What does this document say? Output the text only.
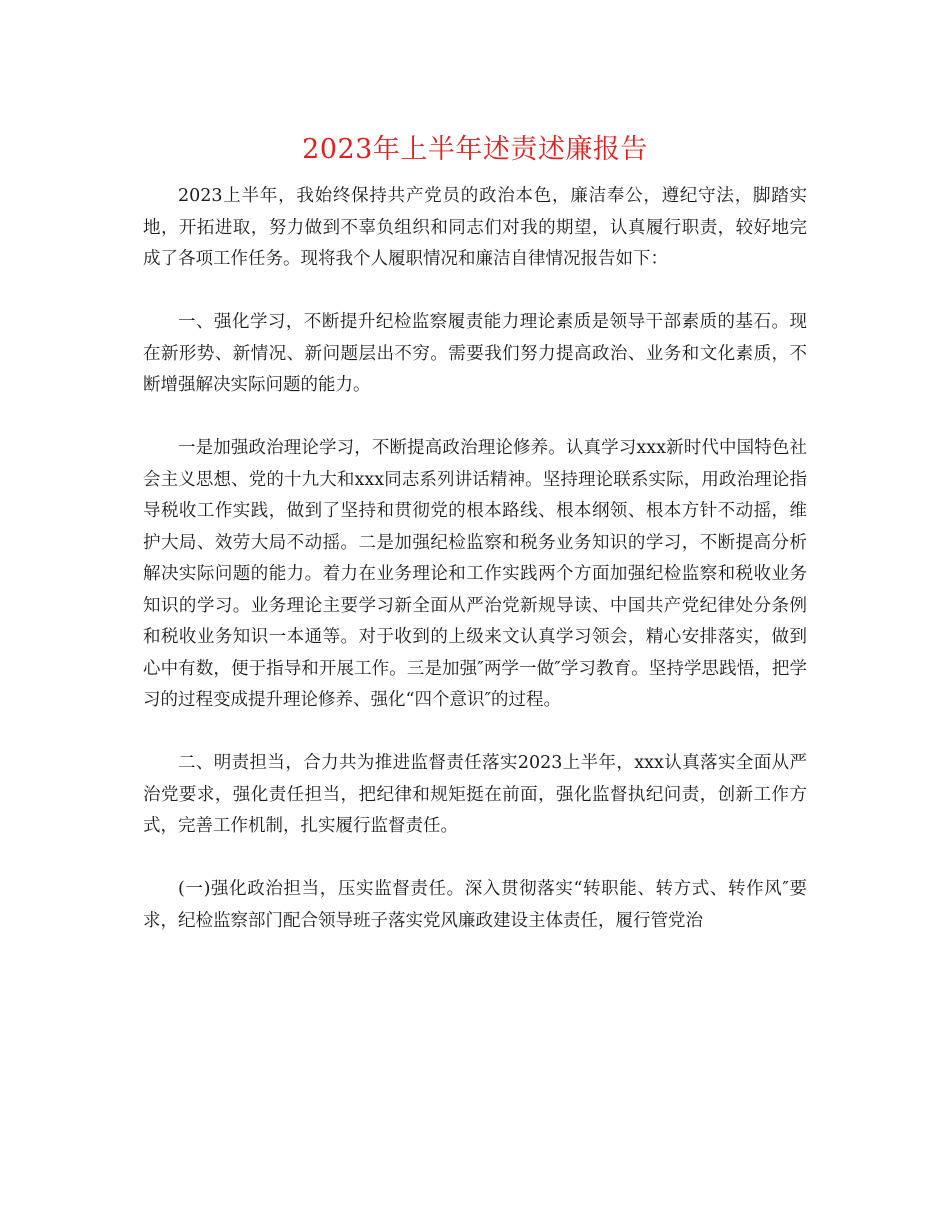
2023年上半年述责述廉报告

2023上半年，我始终保持共产党员的政治本色，廉洁奉公，遵纪守法，脚踏实地，开拓进取，努力做到不辜负组织和同志们对我的期望，认真履行职责，较好地完成了各项工作任务。现将我个人履职情况和廉洁自律情况报告如下：

一、强化学习，不断提升纪检监察履责能力理论素质是领导干部素质的基石。现在新形势、新情况、新问题层出不穷。需要我们努力提高政治、业务和文化素质，不断增强解决实际问题的能力。

一是加强政治理论学习，不断提高政治理论修养。认真学习xxx新时代中国特色社会主义思想、党的十九大和xxx同志系列讲话精神。坚持理论联系实际，用政治理论指导税收工作实践，做到了坚持和贯彻党的根本路线、根本纲领、根本方针不动摇，维护大局、效劳大局不动摇。二是加强纪检监察和税务业务知识的学习，不断提高分析解决实际问题的能力。着力在业务理论和工作实践两个方面加强纪检监察和税收业务知识的学习。业务理论主要学习新全面从严治党新规导读、中国共产党纪律处分条例和税收业务知识一本通等。对于收到的上级来文认真学习领会，精心安排落实，做到心中有数，便于指导和开展工作。三是加强″两学一做″学习教育。坚持学思践悟，把学习的过程变成提升理论修养、强化“四个意识″的过程。

二、明责担当，合力共为推进监督责任落实2023上半年，xxx认真落实全面从严治党要求，强化责任担当，把纪律和规矩挺在前面，强化监督执纪问责，创新工作方式，完善工作机制，扎实履行监督责任。

(一)强化政治担当，压实监督责任。深入贯彻落实“转职能、转方式、转作风″要求，纪检监察部门配合领导班子落实党风廉政建设主体责任，履行管党治
